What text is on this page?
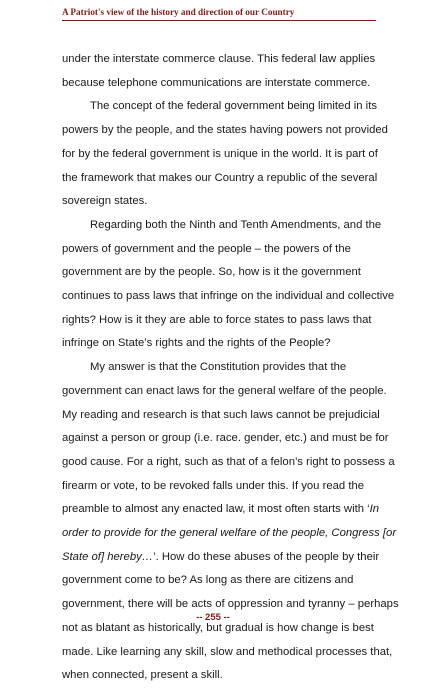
A Patriot's view of the history and direction of our Country

under the interstate commerce clause. This federal law applies
because telephone communications are interstate commerce.

The concept of the federal government being limited in its
powers by the people, and the states having powers not provided
for by the federal government is unique in the world. It is part of
the framework that makes our Country a republic of the several
sovereign states.

Regarding both the Ninth and Tenth Amendments, and the
powers of government and the people – the powers of the
government are by the people. So, how is it the government
continues to pass laws that infringe on the individual and collective
rights? How is it they are able to force states to pass laws that
infringe on State’s rights and the rights of the People?

My answer is that the Constitution provides that the
government can enact laws for the general welfare of the people.
My reading and research is that such laws cannot be prejudicial
against a person or group (i.e. race. gender, etc.) and must be for
good cause. For a right, such as that of a felon’s right to possess a
firearm or vote, to be revoked falls under this. If you read the
preamble to almost any enacted law, it most often starts with ‘In
order to provide for the general welfare of the people, Congress [or
State of] hereby…’. How do these abuses of the people by their
government come to be? As long as there are citizens and
government, there will be acts of oppression and tyranny – perhaps
not as blatant as historically, but gradual is how change is best
made. Like learning any skill, slow and methodical processes that,
when connected, present a skill.

-- 255 --
